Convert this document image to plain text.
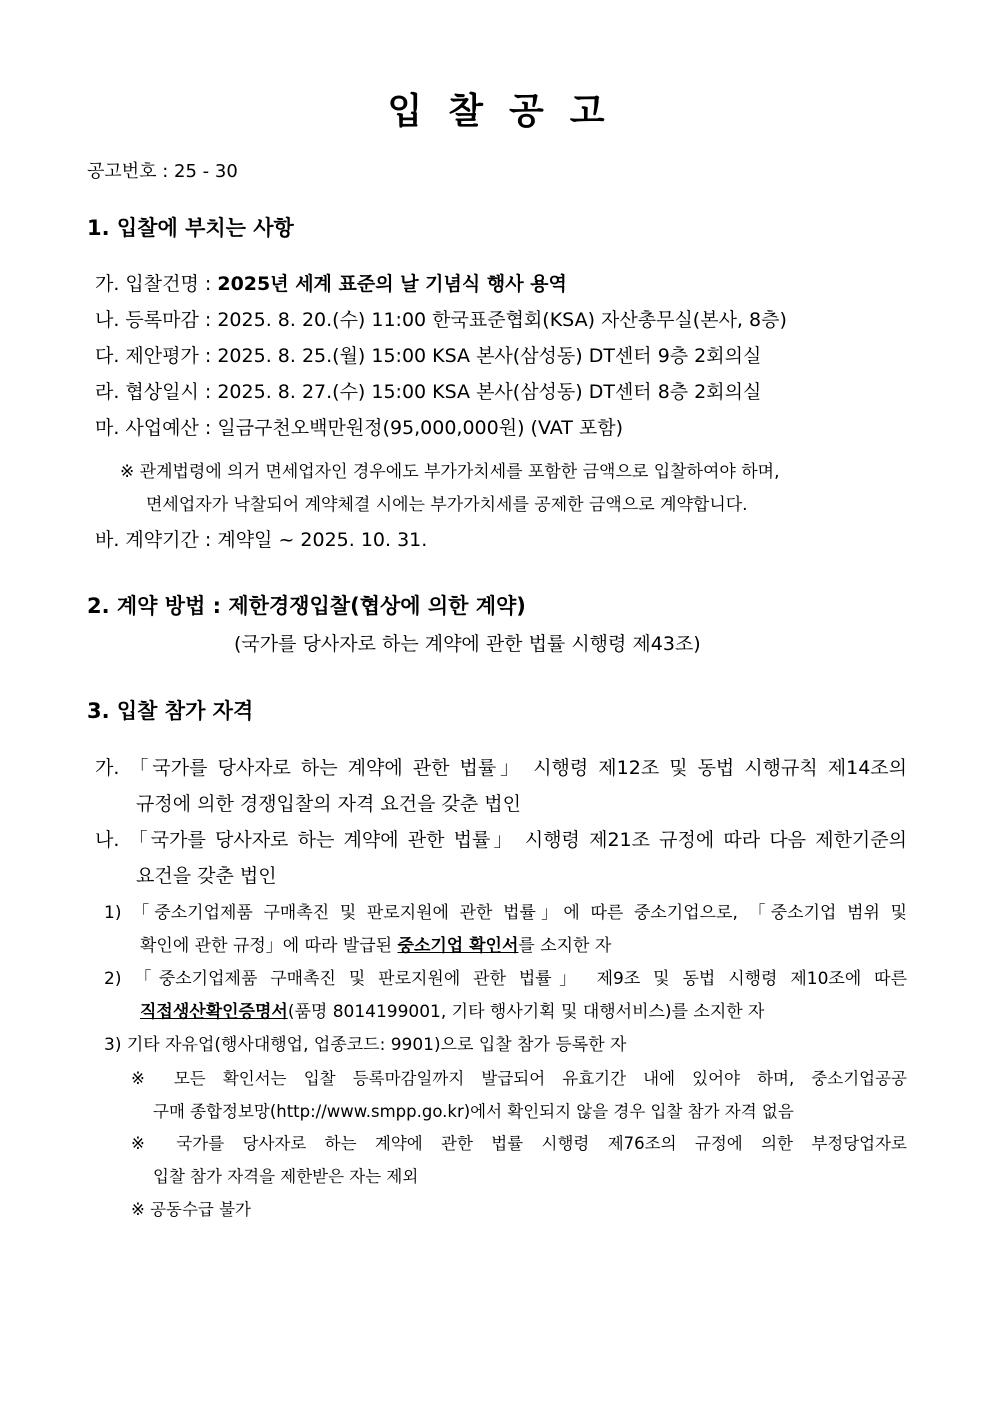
입찰공고
공고번호 : 25 - 30
1. 입찰에 부치는 사항
가. 입찰건명 : 2025년 세계 표준의 날 기념식 행사 용역
나. 등록마감 : 2025. 8. 20.(수) 11:00 한국표준협회(KSA) 자산총무실(본사, 8층)
다. 제안평가 : 2025. 8. 25.(월) 15:00 KSA 본사(삼성동) DT센터 9층 2회의실
라. 협상일시 : 2025. 8. 27.(수) 15:00 KSA 본사(삼성동) DT센터 8층 2회의실
마. 사업예산 : 일금구천오백만원정(95,000,000원) (VAT 포함)
※ 관계법령에 의거 면세업자인 경우에도 부가가치세를 포함한 금액으로 입찰하여야 하며,
면세업자가 낙찰되어 계약체결 시에는 부가가치세를 공제한 금액으로 계약합니다.
바. 계약기간 : 계약일 ~ 2025. 10. 31.
2. 계약 방법 : 제한경쟁입찰(협상에 의한 계약)
(국가를 당사자로 하는 계약에 관한 법률 시행령 제43조)
3. 입찰 참가 자격
가. 「국가를 당사자로 하는 계약에 관한 법률」 시행령 제12조 및 동법 시행규칙 제14조의
규정에 의한 경쟁입찰의 자격 요건을 갖춘 법인
나. 「국가를 당사자로 하는 계약에 관한 법률」 시행령 제21조 규정에 따라 다음 제한기준의
요건을 갖춘 법인
1) 「중소기업제품 구매촉진 및 판로지원에 관한 법률」에 따른 중소기업으로, 「중소기업 범위 및
확인에 관한 규정」에 따라 발급된 중소기업 확인서를 소지한 자
2) 「중소기업제품 구매촉진 및 판로지원에 관한 법률」 제9조 및 동법 시행령 제10조에 따른
직접생산확인증명서(품명 8014199001, 기타 행사기획 및 대행서비스)를 소지한 자
3) 기타 자유업(행사대행업, 업종코드: 9901)으로 입찰 참가 등록한 자
※ 모든 확인서는 입찰 등록마감일까지 발급되어 유효기간 내에 있어야 하며, 중소기업공공
구매 종합정보망(http://www.smpp.go.kr)에서 확인되지 않을 경우 입찰 참가 자격 없음
※ 국가를 당사자로 하는 계약에 관한 법률 시행령 제76조의 규정에 의한 부정당업자로
입찰 참가 자격을 제한받은 자는 제외
※ 공동수급 불가
